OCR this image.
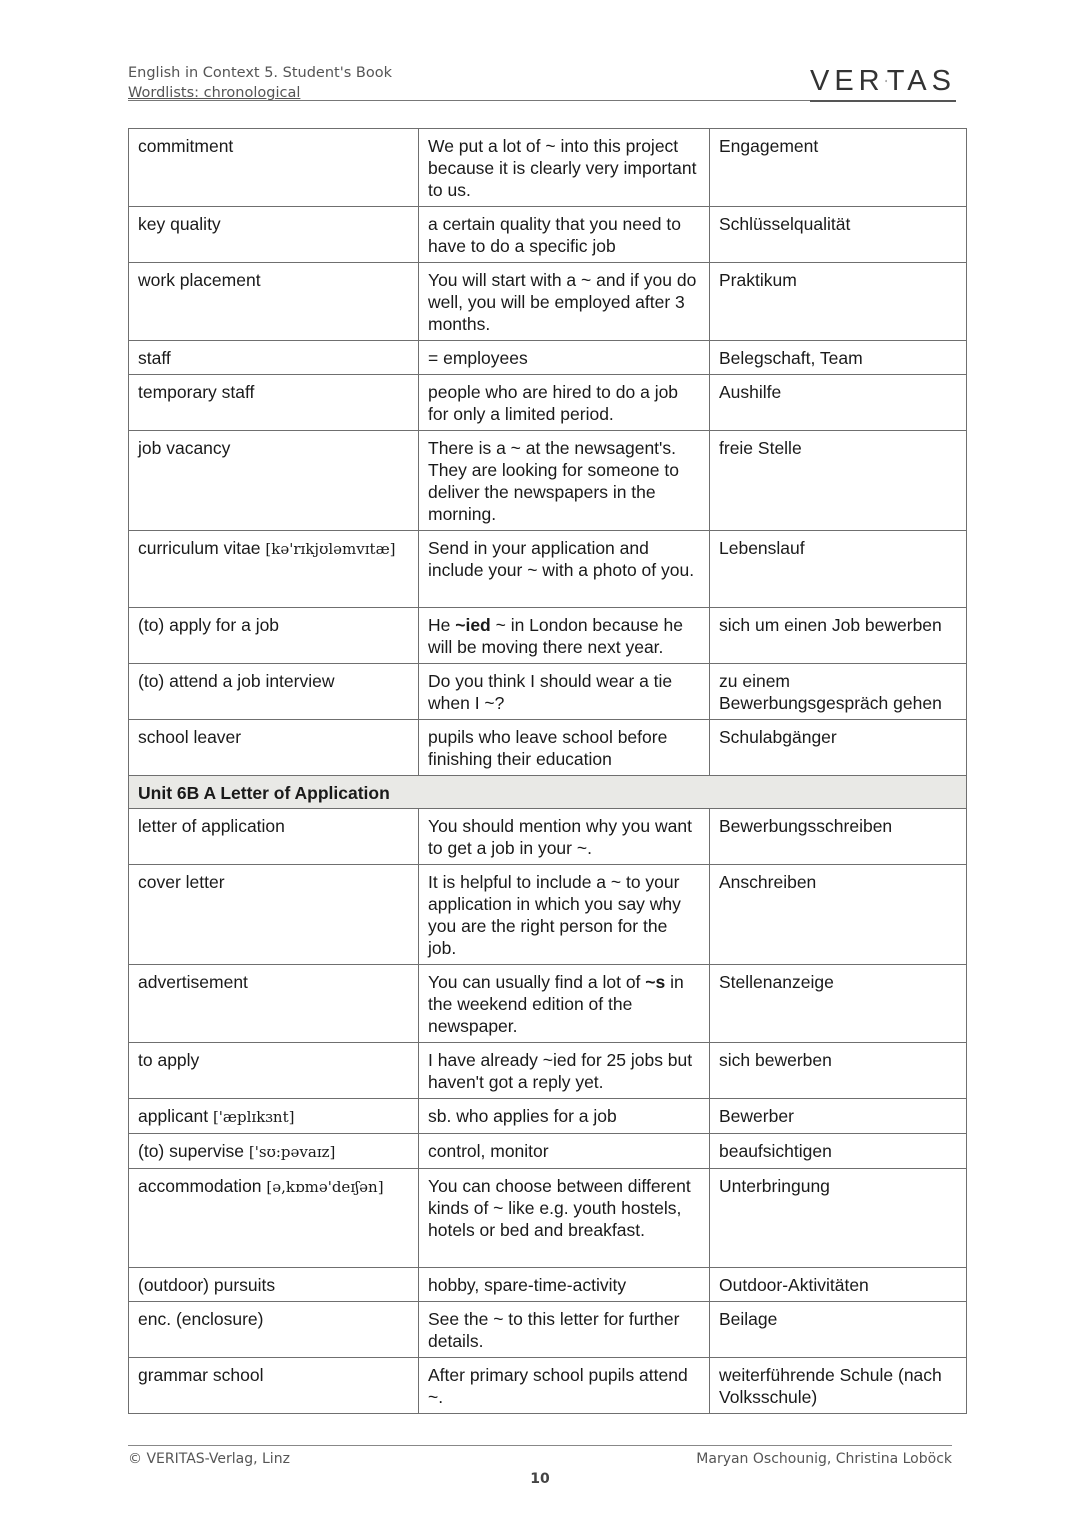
English in Context 5. Student's Book
Wordlists: chronological	VER 1 TAS
commitment	We put a lot of ~ into this project because it is clearly very important to us.	Engagement
key quality	a certain quality that you need to have to do a specific job	Schlüsselqualität
work placement	You will start with a ~ and if you do well, you will be employed after 3 months.	Praktikum
staff	= employees	Belegschaft, Team
temporary staff	people who are hired to do a job for only a limited period.	Aushilfe
job vacancy	There is a ~ at the newsagent's. They are looking for someone to deliver the newspapers in the morning.	freie Stelle
curriculum vitae [kə'rɪkjʊləmvɪtæ]	Send in your application and include your ~ with a photo of you.	Lebenslauf
(to) apply for a job	He ~ied ~ in London because he will be moving there next year.	sich um einen Job bewerben
(to) attend a job interview	Do you think I should wear a tie when I ~?	zu einem Bewerbungsgespräch gehen
school leaver	pupils who leave school before finishing their education	Schulabgänger
Unit 6B A Letter of Application		
letter of application	You should mention why you want to get a job in your ~.	Bewerbungsschreiben
cover letter	It is helpful to include a ~ to your application in which you say why you are the right person for the job.	Anschreiben
advertisement	You can usually find a lot of ~s in the weekend edition of the newspaper.	Stellenanzeige
to apply	I have already ~ied for 25 jobs but haven't got a reply yet.	sich bewerben
applicant ['æplɪkɜnt]	sb. who applies for a job	Bewerber
(to) supervise ['sʊ:pəvaɪz]	control, monitor	beaufsichtigen
accommodation [ə,kɒmə'deɪʃən]	You can choose between different kinds of ~ like e.g. youth hostels, hotels or bed and breakfast.	Unterbringung
(outdoor) pursuits	hobby, spare-time-activity	Outdoor-Aktivitäten
enc. (enclosure)	See the ~ to this letter for further details.	Beilage
grammar school	After primary school pupils attend ~.	weiterführende Schule (nach Volksschule)
© VERITAS-Verlag, Linz	Maryan Oschounig, Christina Loböck
10
